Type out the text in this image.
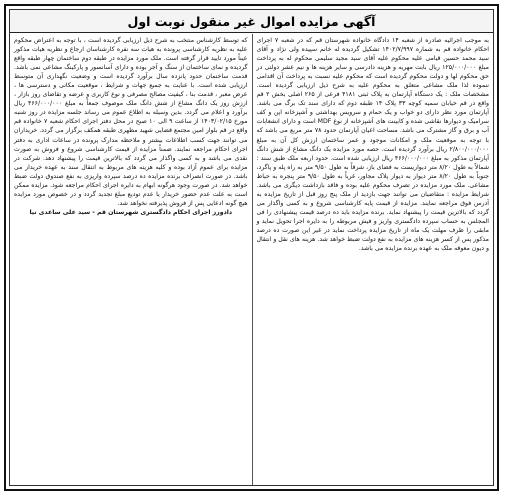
آگهی مزایده اموال غیر منقول نوبت اول

به موجب اجرائیه صادره از شعبه ۱۴ دادگاه خانواده شهرستان قم که در شعبه ۷ اجرای احکام خانواده قم به شماره ۱۴۰۲/۷/۹۹۷ تشکیل گردیده له خانم سپیده ولی نژاد و آقای سید محمد حسین قیامی علیه محکوم علیه آقای سید مجید سلیمی محکوم له به پرداخت مبلغ ۱۲۵/۰۰۰/۰۰۰ ریال بابت مهریه و هزینه دادرسی و سایر هزینه ها و نیم عشر دولتی در حق محکوم لها و دولت محکوم گردیده است که محکوم علیه نسبت به پرداخت آن اقدامی ننموده لذا ملک مشاعی متعلق به محکوم علیه به شرح ذیل ارزیابی گردیده است. مشخصات ملک : یک دستگاه آپارتمان به پلاک ثبتی ۴۱۸۱ فرعی از ۲۶۵ اصلی بخش ۲ قم واقع در قم خیابان سمیه کوچه ۳۳ پلاک ۱۴ طبقه دوم که دارای سند تک برگ می باشد. آپارتمان مورد نظر دارای دو خواب و یک حمام و سرویس بهداشتی و آشپزخانه اپن و کف سرامیک و دیوارها نقاشی شده و کابینت های آشپزخانه از نوع MDF است و دارای انشعابات آب و برق و گاز مشترک می باشد. مساحت اعیان آپارتمان حدود ۷۸ متر مربع می باشد که با توجه به موقعیت ملک و امکانات موجود و عمر ساختمان ارزش کل آن به مبلغ ۲/۸۰۰/۰۰۰/۰۰۰ ریال برآورد گردیده است. حصه مورد مزایده یک دانگ مشاع از شش دانگ آپارتمان مذکور به مبلغ ۴۶۶/۰۰۰/۰۰۰ ریال ارزیابی شده است. حدود اربعه ملک طبق سند : شمالاً به طول ۸/۲۰ متر دیواریست به فضای باز، شرقاً به طول ۹/۵۰ متر به راه پله و پاگرد، جنوباً به طول ۸/۲۰ متر دیوار به دیوار پلاک مجاور، غرباً به طول ۹/۵۰ متر پنجره به حیاط مشاعی. ملک مورد مزایده در تصرف محکوم علیه بوده و فاقد بازداشت دیگری می باشد. شرایط مزایده : متقاضیان می توانند جهت بازدید از ملک پنج روز قبل از تاریخ مزایده به آدرس فوق مراجعه نمایند. مزایده از قیمت پایه کارشناسی شروع و به کسی واگذار می گردد که بالاترین قیمت را پیشنهاد نماید. برنده مزایده باید ده درصد قیمت پیشنهادی را فی المجلس به حساب سپرده دادگستری واریز و فیش مربوطه را به دایره اجرا تحویل نماید و مابقی را ظرف مهلت یک ماه از تاریخ مزایده پرداخت نماید در غیر این صورت ده درصد مذکور پس از کسر هزینه های مزایده به نفع دولت ضبط خواهد شد. هزینه های نقل و انتقال و دیون معوقه ملک به عهده برنده مزایده می باشد.

که توسط کارشناس منتخب به شرح ذیل ارزیابی گردیده است ، با توجه به اعتراض محکوم علیه به نظریه کارشناسی پرونده به هیات سه نفره کارشناسان ارجاع و نظریه هیات مذکور عیناً مورد تایید قرار گرفته است. ملک مورد مزایده در طبقه دوم ساختمان چهار طبقه واقع گردیده و نمای ساختمان از سنگ و آجر بوده و دارای آسانسور و پارکینگ مشاعی نمی باشد. قدمت ساختمان حدود پانزده سال برآورد گردیده است و وضعیت نگهداری آن متوسط ارزیابی شده است. با عنایت به جمیع جهات و شرایط ، موقعیت مکانی و دسترسی ها ، عرض معبر ، قدمت بنا ، کیفیت مصالح مصرفی و نوع کاربری و عرضه و تقاضای روز بازار ، ارزش روز یک دانگ مشاع از شش دانگ ملک موصوف جمعاً به مبلغ ۴۶۶/۰۰۰/۰۰۰ ریال برآورد و اعلام می گردد. بدین وسیله به اطلاع عموم می رساند جلسه مزایده در روز شنبه مورخ ۱۴۰۳/۰۲/۱۵ از ساعت ۹ الی ۱۰ صبح در محل دفتر اجرای احکام شعبه ۷ خانواده قم واقع در قم بلوار امین مجتمع قضایی شهید مطهری طبقه همکف برگزار می گردد. خریداران می توانند جهت کسب اطلاعات بیشتر و ملاحظه مدارک پرونده در ساعات اداری به دفتر اجرای احکام مراجعه نمایند. ضمناً مزایده از قیمت کارشناسی شروع و فروش به صورت نقدی می باشد و به کسی واگذار می گردد که بالاترین قیمت را پیشنهاد دهد. شرکت در مزایده برای عموم آزاد بوده و کلیه هزینه های مربوط به انتقال سند به عهده خریدار می باشد. در صورت انصراف برنده مزایده ده درصد سپرده واریزی به نفع صندوق دولت ضبط خواهد شد. در صورت وجود هرگونه ابهام به دایره اجرای احکام مراجعه شود. مزایده ممکن است به علت عدم حضور خریدار یا عدم تودیع مبلغ تجدید گردد و در خصوص مورد مزایده هیچ گونه ادعایی پس از فروش پذیرفته نخواهد شد.

دادورز اجرای احکام دادگستری شهرستان قم - سید علی ساعدی نیا
